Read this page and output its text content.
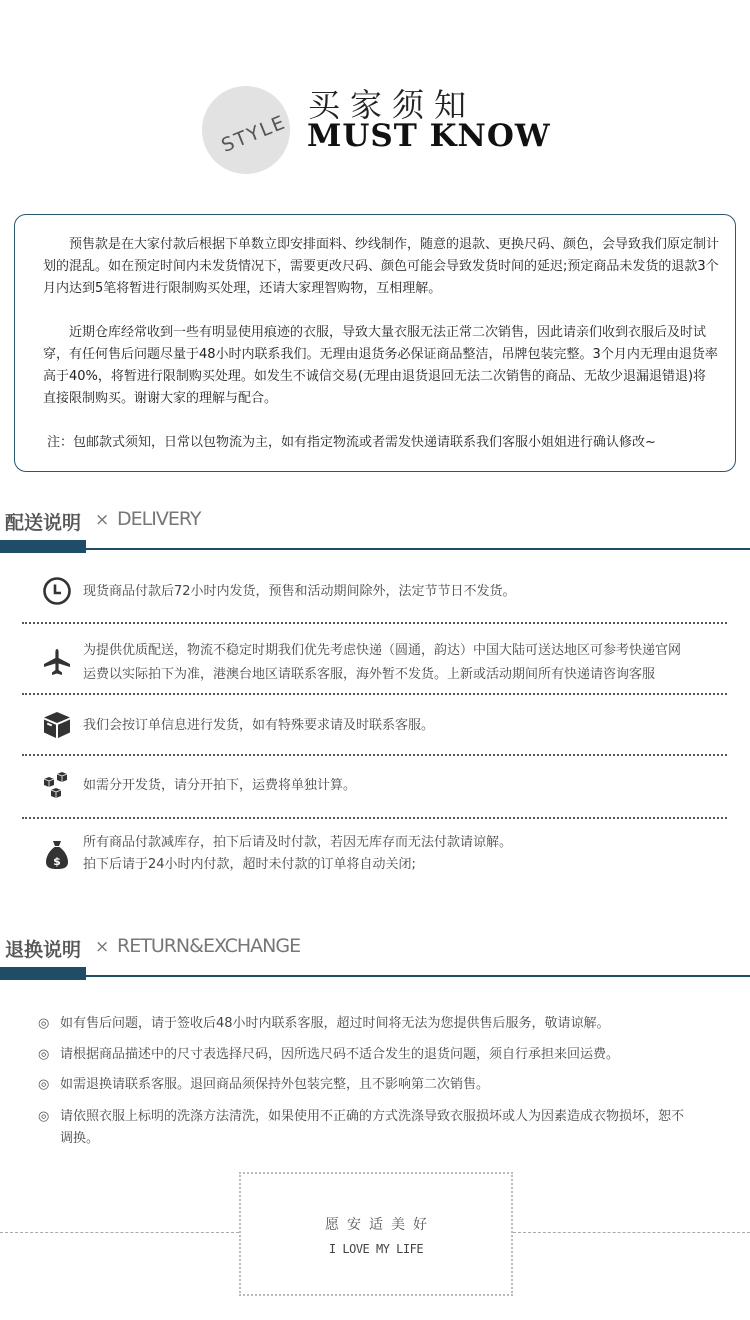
STYLE
买家须知
MUST KNOW

预售款是在大家付款后根据下单数立即安排面料、纱线制作，随意的退款、更换尺码、颜色，会导致我们原定制计划的混乱。如在预定时间内未发货情况下，需要更改尺码、颜色可能会导致发货时间的延迟;预定商品未发货的退款3个月内达到5笔将暂进行限制购买处理，还请大家理智购物，互相理解。

近期仓库经常收到一些有明显使用痕迹的衣服，导致大量衣服无法正常二次销售，因此请亲们收到衣服后及时试穿，有任何售后问题尽量于48小时内联系我们。无理由退货务必保证商品整洁，吊牌包装完整。3个月内无理由退货率高于40%，将暂进行限制购买处理。如发生不诚信交易(无理由退货退回无法二次销售的商品、无故少退漏退错退)将直接限制购买。谢谢大家的理解与配合。

注：包邮款式须知，日常以包物流为主，如有指定物流或者需发快递请联系我们客服小姐姐进行确认修改~

配送说明 × DELIVERY
现货商品付款后72小时内发货，预售和活动期间除外，法定节节日不发货。
为提供优质配送，物流不稳定时期我们优先考虑快递（圆通，韵达）中国大陆可送达地区可参考快递官网
运费以实际拍下为准，港澳台地区请联系客服，海外暂不发货。上新或活动期间所有快递请咨询客服
我们会按订单信息进行发货，如有特殊要求请及时联系客服。
如需分开发货，请分开拍下，运费将单独计算。
$
所有商品付款减库存，拍下后请及时付款，若因无库存而无法付款请谅解。
拍下后请于24小时内付款，超时未付款的订单将自动关闭;
退换说明 × RETURN&EXCHANGE
◎ 如有售后问题，请于签收后48小时内联系客服，超过时间将无法为您提供售后服务，敬请谅解。
◎ 请根据商品描述中的尺寸表选择尺码，因所选尺码不适合发生的退货问题，须自行承担来回运费。
◎ 如需退换请联系客服。退回商品须保持外包装完整，且不影响第二次销售。
◎ 请依照衣服上标明的洗涤方法清洗，如果使用不正确的方式洗涤导致衣服损坏或人为因素造成衣物损坏，恕不调换。
愿安适美好
I LOVE MY LIFE
